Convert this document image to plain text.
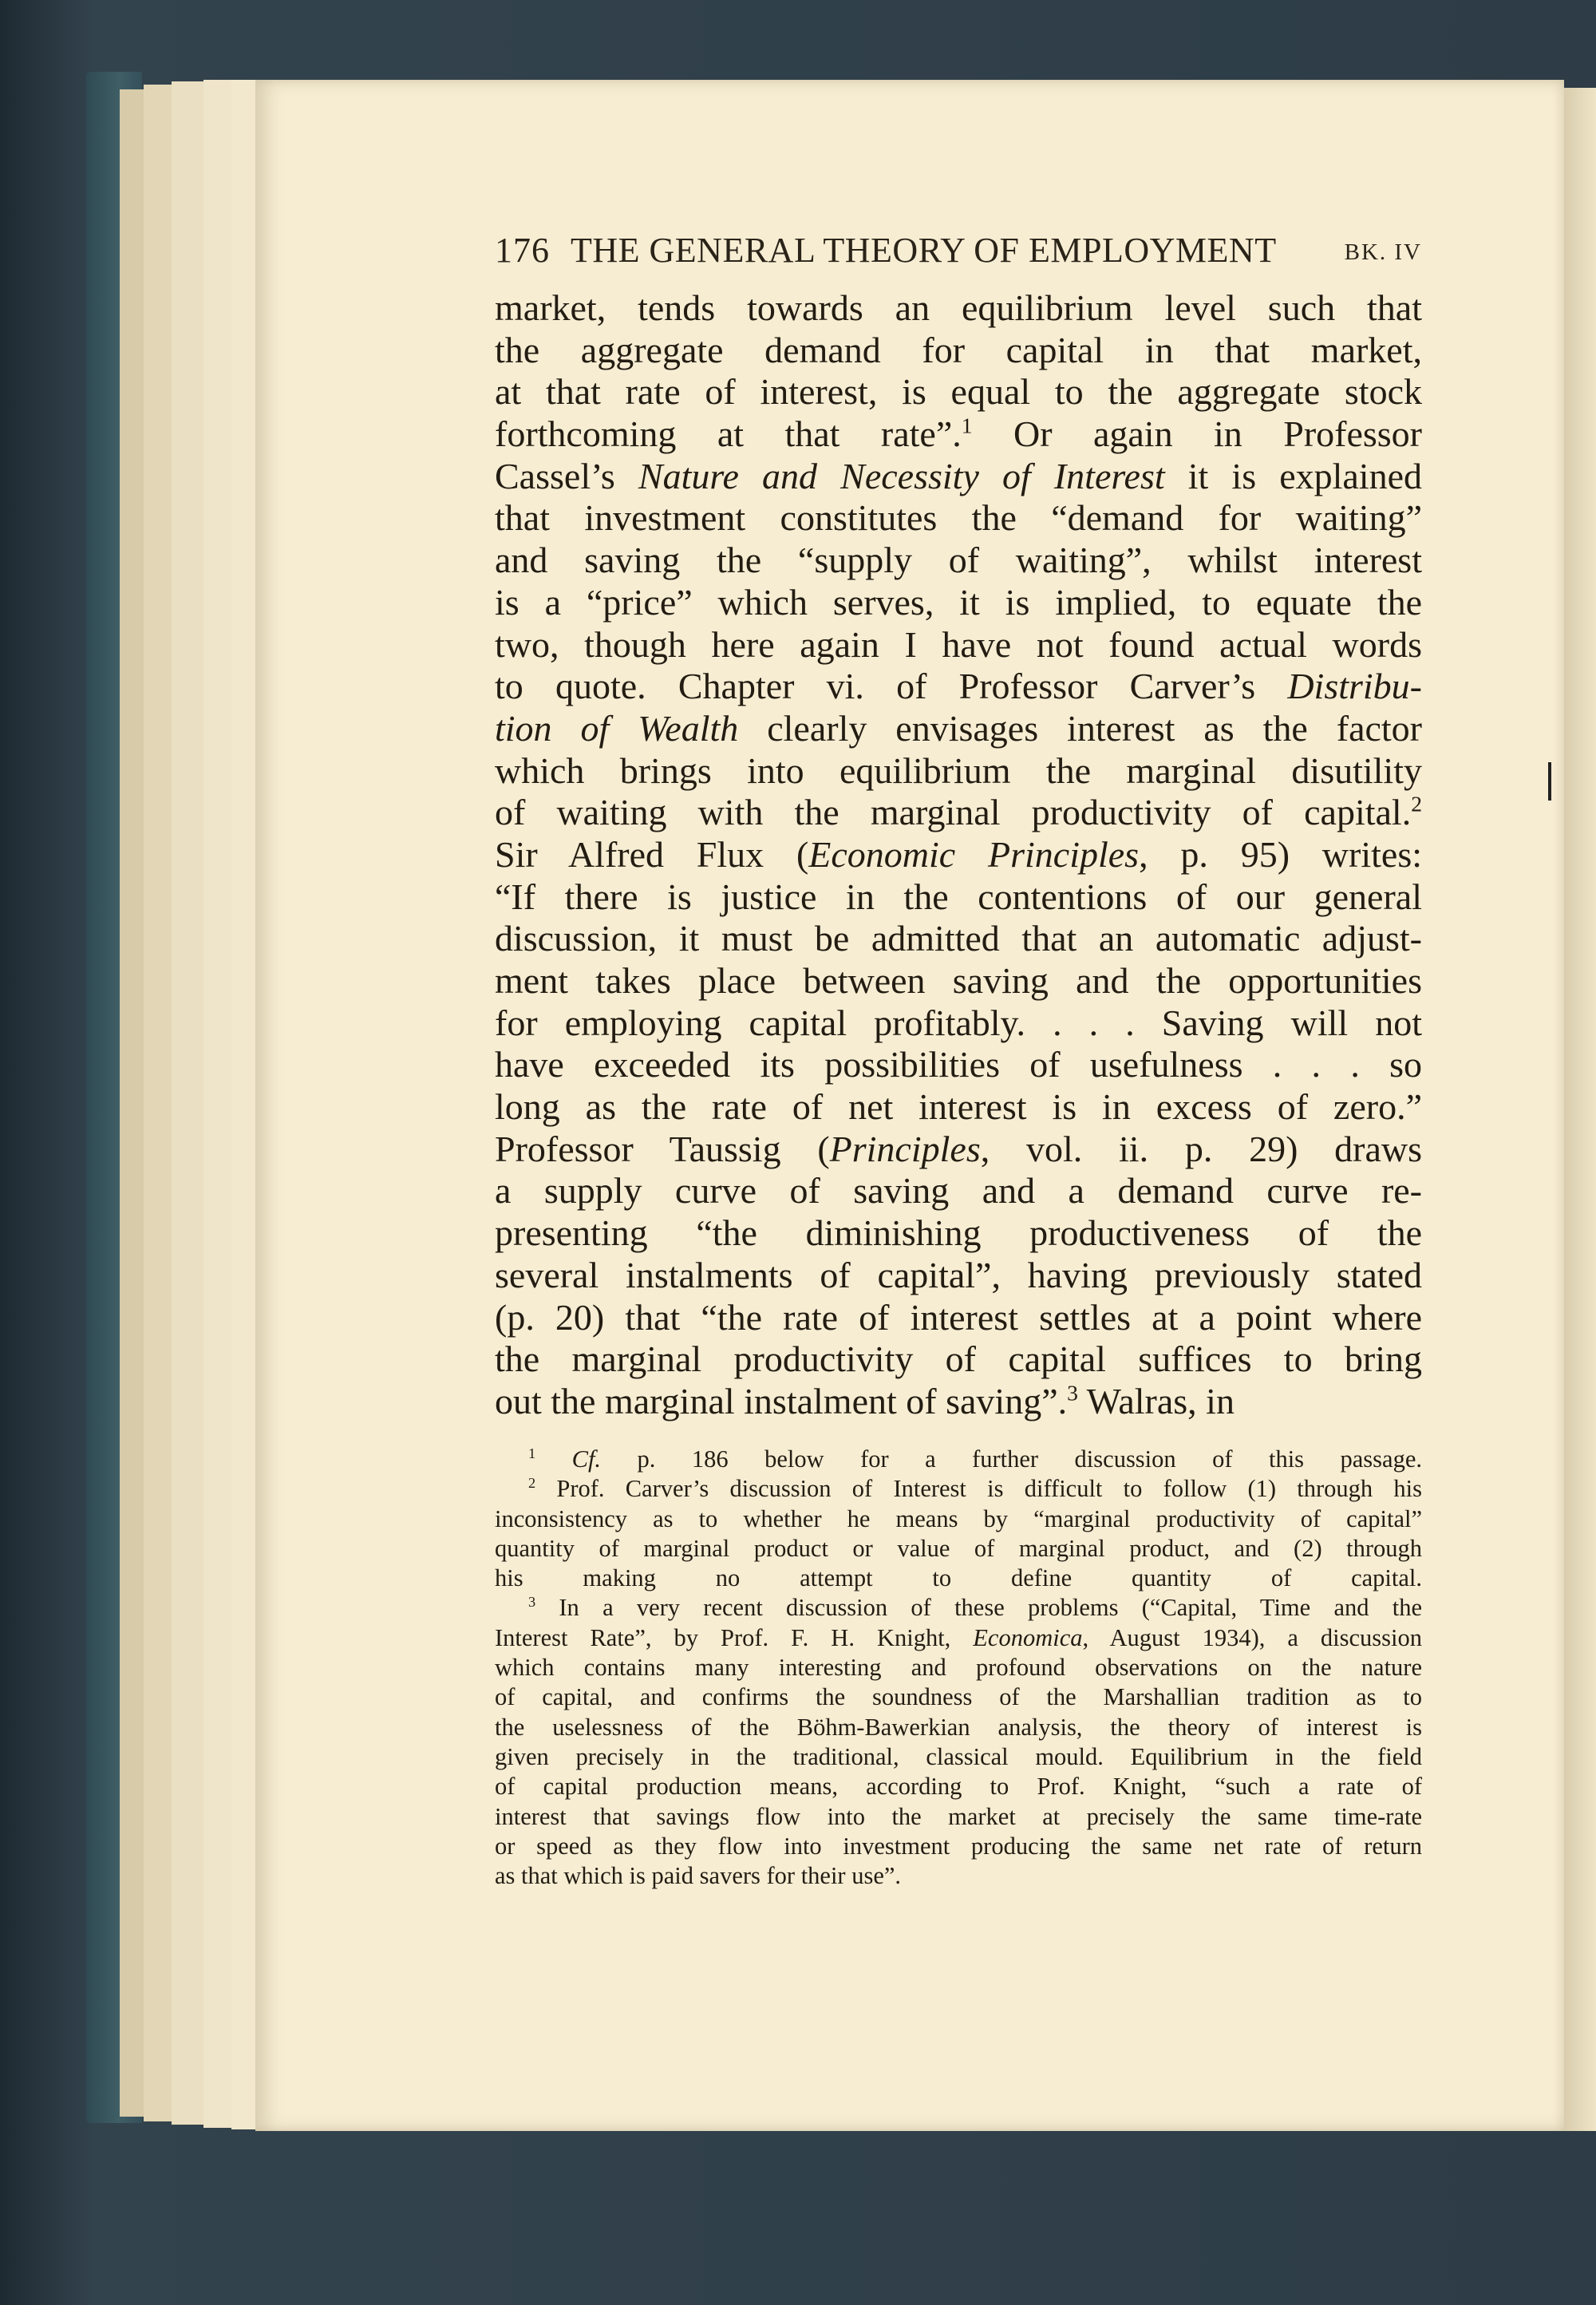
176 THE GENERAL THEORY OF EMPLOYMENT	BK. IV
market, tends towards an equilibrium level such that
the aggregate demand for capital in that market,
at that rate of interest, is equal to the aggregate stock
forthcoming at that rate”.$^1$ Or again in Professor
Cassel’s Nature and Necessity of Interest it is explained
that investment constitutes the “demand for waiting”
and saving the “supply of waiting”, whilst interest
is a “price” which serves, it is implied, to equate the
two, though here again I have not found actual words
to quote. Chapter vi. of Professor Carver’s Distribu-
tion of Wealth clearly envisages interest as the factor
which brings into equilibrium the marginal disutility
of waiting with the marginal productivity of capital.$^2$
Sir Alfred Flux (Economic Principles, p. 95) writes:
“If there is justice in the contentions of our general
discussion, it must be admitted that an automatic adjust-
ment takes place between saving and the opportunities
for employing capital profitably. . . . Saving will not
have exceeded its possibilities of usefulness . . . so
long as the rate of net interest is in excess of zero.”
Professor Taussig (Principles, vol. ii. p. 29) draws
a supply curve of saving and a demand curve re-
presenting “the diminishing productiveness of the
several instalments of capital”, having previously stated
(p. 20) that “the rate of interest settles at a point where
the marginal productivity of capital suffices to bring
out the marginal instalment of saving”.$^3$ Walras, in
$^1$ Cf. p. 186 below for a further discussion of this passage.
$^2$ Prof. Carver’s discussion of Interest is difficult to follow (1) through his
inconsistency as to whether he means by “marginal productivity of capital”
quantity of marginal product or value of marginal product, and (2) through
his making no attempt to define quantity of capital.
$^3$ In a very recent discussion of these problems (“Capital, Time and the
Interest Rate”, by Prof. F. H. Knight, Economica, August 1934), a discussion
which contains many interesting and profound observations on the nature
of capital, and confirms the soundness of the Marshallian tradition as to
the uselessness of the Böhm-Bawerkian analysis, the theory of interest is
given precisely in the traditional, classical mould. Equilibrium in the field
of capital production means, according to Prof. Knight, “such a rate of
interest that savings flow into the market at precisely the same time-rate
or speed as they flow into investment producing the same net rate of return
as that which is paid savers for their use”.
